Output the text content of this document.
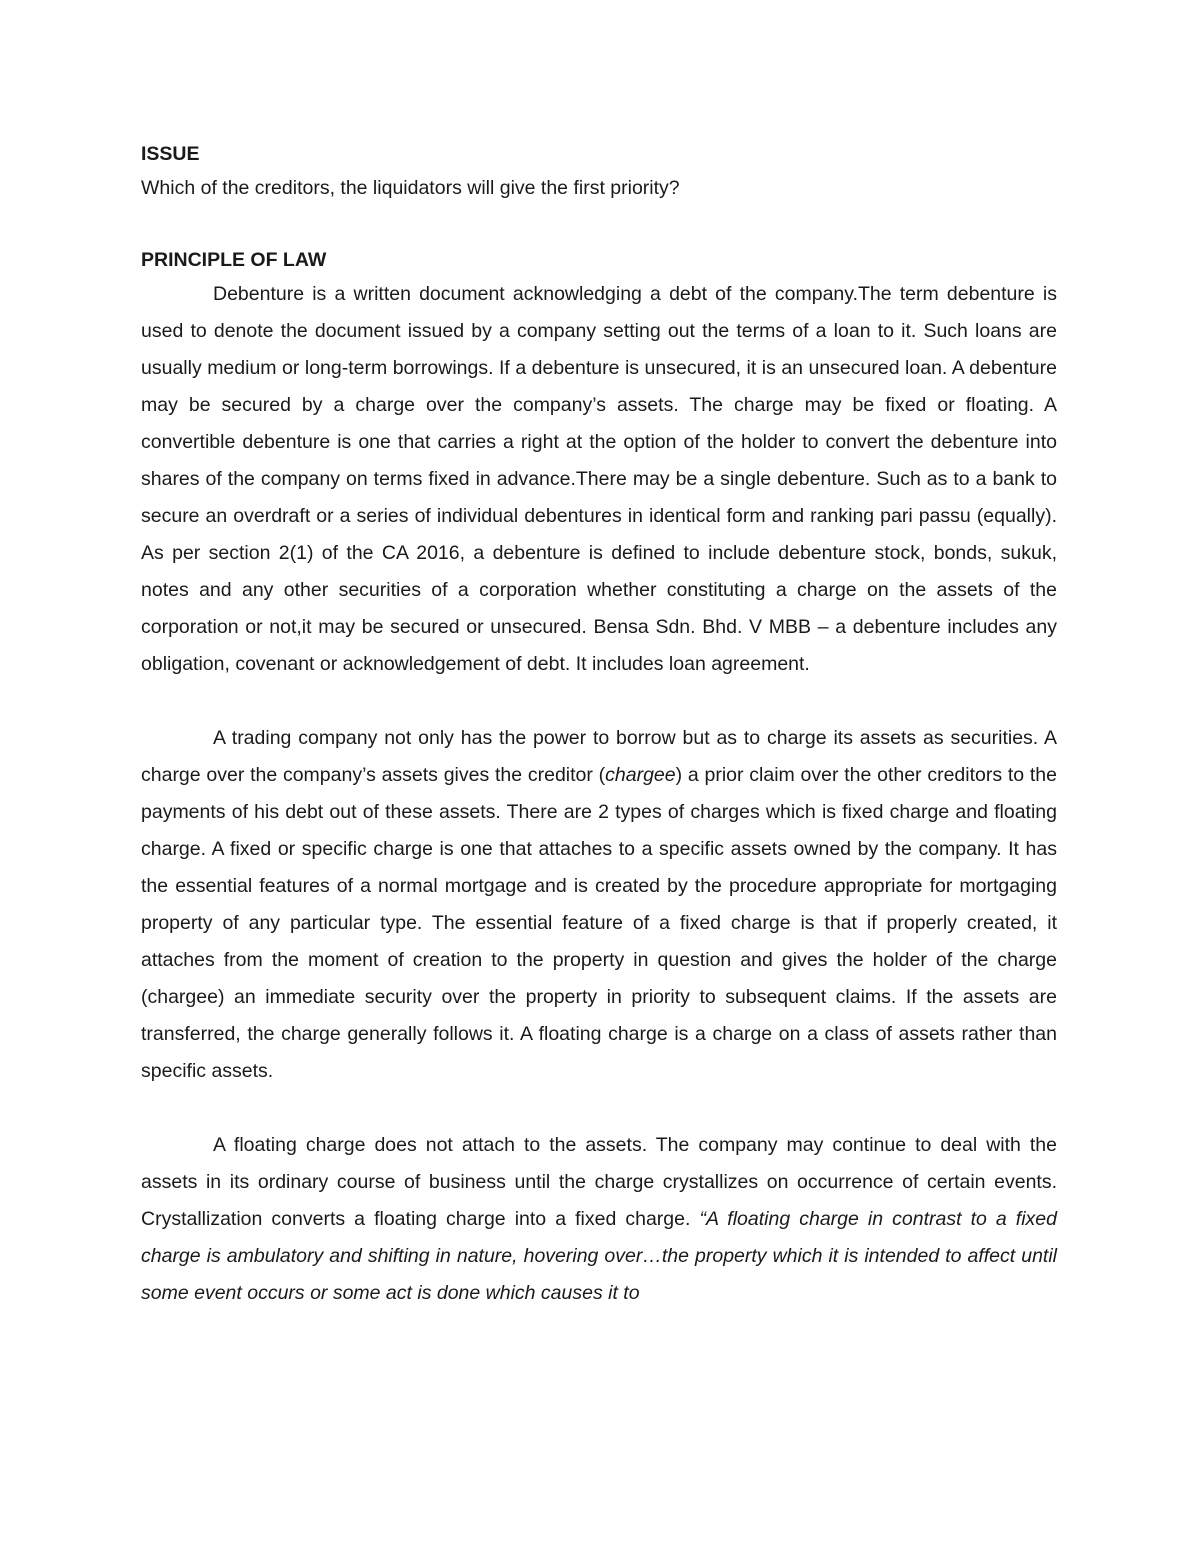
ISSUE

Which of the creditors, the liquidators will give the first priority?

PRINCIPLE OF LAW

Debenture is a written document acknowledging a debt of the company.The term debenture is used to denote the document issued by a company setting out the terms of a loan to it. Such loans are usually medium or long-term borrowings. If a debenture is unsecured, it is an unsecured loan. A debenture may be secured by a charge over the company’s assets. The charge may be fixed or floating. A convertible debenture is one that carries a right at the option of the holder to convert the debenture into shares of the company on terms fixed in advance.There may be a single debenture. Such as to a bank to secure an overdraft or a series of individual debentures in identical form and ranking pari passu (equally). As per section 2(1) of the CA 2016, a debenture is defined to include debenture stock, bonds, sukuk, notes and any other securities of a corporation whether constituting a charge on the assets of the corporation or not,it may be secured or unsecured. Bensa Sdn. Bhd. V MBB – a debenture includes any obligation, covenant or acknowledgement of debt. It includes loan agreement.

A trading company not only has the power to borrow but as to charge its assets as securities. A charge over the company’s assets gives the creditor (chargee) a prior claim over the other creditors to the payments of his debt out of these assets. There are 2 types of charges which is fixed charge and floating charge. A fixed or specific charge is one that attaches to a specific assets owned by the company. It has the essential features of a normal mortgage and is created by the procedure appropriate for mortgaging property of any particular type. The essential feature of a fixed charge is that if properly created, it attaches from the moment of creation to the property in question and gives the holder of the charge (chargee) an immediate security over the property in priority to subsequent claims. If the assets are transferred, the charge generally follows it. A floating charge is a charge on a class of assets rather than specific assets.

A floating charge does not attach to the assets. The company may continue to deal with the assets in its ordinary course of business until the charge crystallizes on occurrence of certain events. Crystallization converts a floating charge into a fixed charge. “A floating charge in contrast to a fixed charge is ambulatory and shifting in nature, hovering over…the property which it is intended to affect until some event occurs or some act is done which causes it to
